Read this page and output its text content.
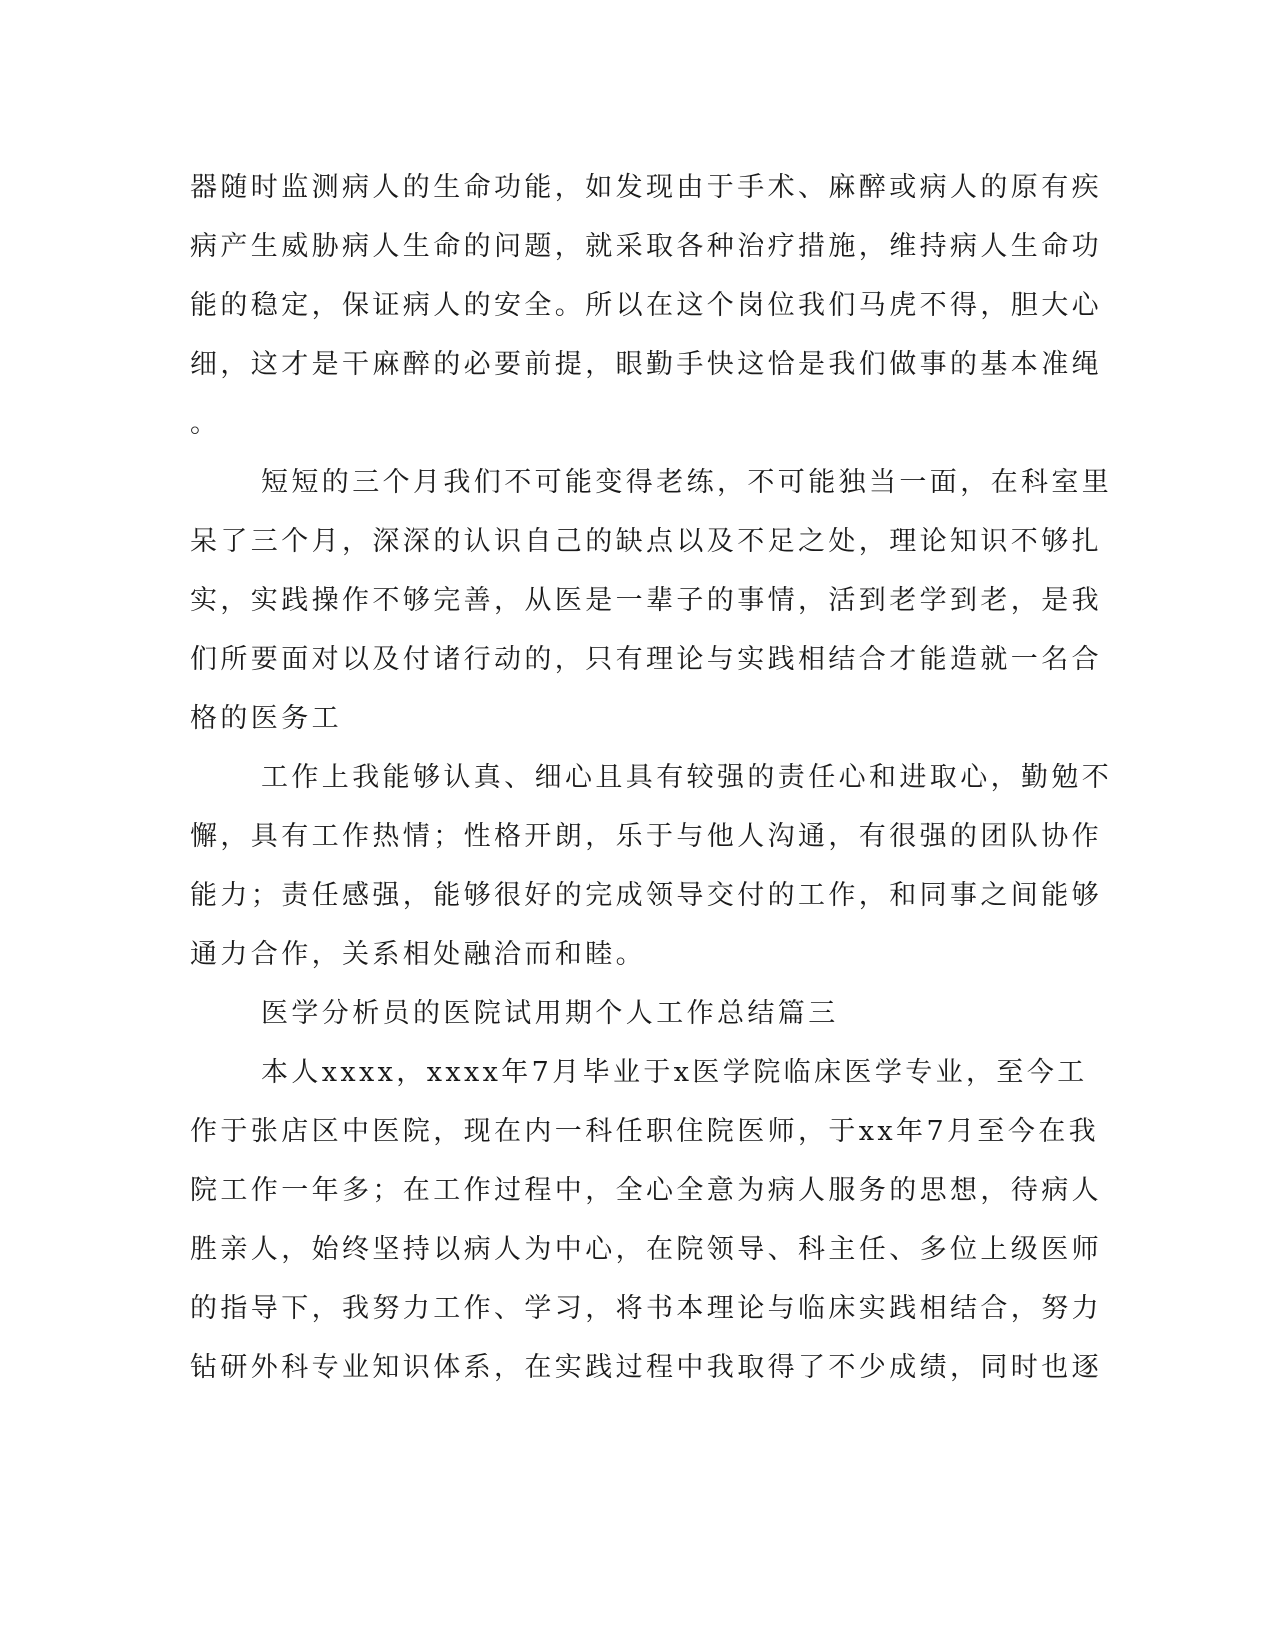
器随时监测病人的生命功能，如发现由于手术、麻醉或病人的原有疾
病产生威胁病人生命的问题，就采取各种治疗措施，维持病人生命功
能的稳定，保证病人的安全。所以在这个岗位我们马虎不得，胆大心
细，这才是干麻醉的必要前提，眼勤手快这恰是我们做事的基本准绳
。
短短的三个月我们不可能变得老练，不可能独当一面，在科室里
呆了三个月，深深的认识自己的缺点以及不足之处，理论知识不够扎
实，实践操作不够完善，从医是一辈子的事情，活到老学到老，是我
们所要面对以及付诸行动的，只有理论与实践相结合才能造就一名合
格的医务工
工作上我能够认真、细心且具有较强的责任心和进取心，勤勉不
懈，具有工作热情；性格开朗，乐于与他人沟通，有很强的团队协作
能力；责任感强，能够很好的完成领导交付的工作，和同事之间能够
通力合作，关系相处融洽而和睦。
医学分析员的医院试用期个人工作总结篇三
本人xxxx，xxxx年7月毕业于x医学院临床医学专业，至今工
作于张店区中医院，现在内一科任职住院医师，于xx年7月至今在我
院工作一年多；在工作过程中，全心全意为病人服务的思想，待病人
胜亲人，始终坚持以病人为中心，在院领导、科主任、多位上级医师
的指导下，我努力工作、学习，将书本理论与临床实践相结合，努力
钻研外科专业知识体系，在实践过程中我取得了不少成绩，同时也逐
